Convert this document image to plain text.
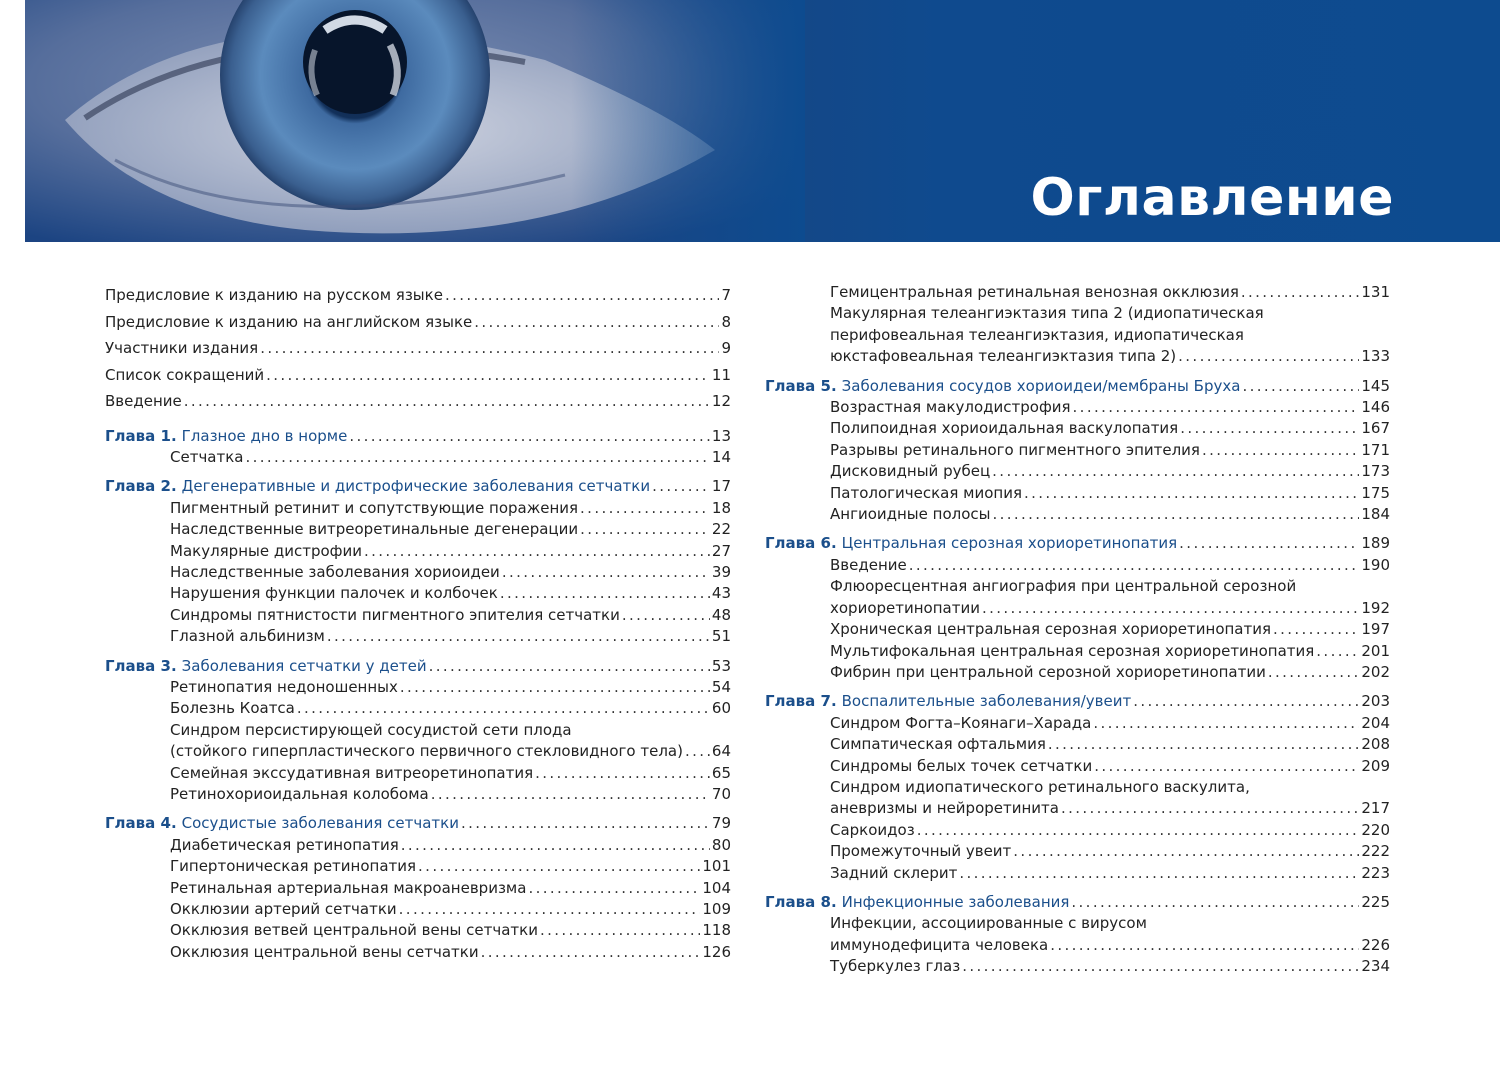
Оглавление
Предисловие к изданию на русском языке . . .	7
Предисловие к изданию на английском языке . . .	8
Участники издания . . .	9
Список сокращений . . .	11
Введение . . .	12
Глава 1. Глазное дно в норме . . .	13
Сетчатка . . .	14
Глава 2. Дегенеративные и дистрофические заболевания сетчатки . . .	17
Пигментный ретинит и сопутствующие поражения . . .	18
Наследственные витреоретинальные дегенерации . . .	22
Макулярные дистрофии . . .	27
Наследственные заболевания хориоидеи . . .	39
Нарушения функции палочек и колбочек . . .	43
Синдромы пятнистости пигментного эпителия сетчатки . . .	48
Глазной альбинизм . . .	51
Глава 3. Заболевания сетчатки у детей . . .	53
Ретинопатия недоношенных . . .	54
Болезнь Коатса . . .	60
Синдром персистирующей сосудистой сети плода
(стойкого гиперпластического первичного стекловидного тела) . . . 64
Семейная экссудативная витреоретинопатия . . .	65
Ретинохориоидальная колобома . . .	70
Глава 4. Сосудистые заболевания сетчатки . . .	79
Диабетическая ретинопатия . . .	80
Гипертоническая ретинопатия . . .	101
Ретинальная артериальная макроаневризма . . .	104
Окклюзии артерий сетчатки . . .	109
Окклюзия ветвей центральной вены сетчатки . . .	118
Окклюзия центральной вены сетчатки . . .	126
Гемицентральная ретинальная венозная окклюзия . . .	131
Макулярная телеангиэктазия типа 2 (идиопатическая
перифовеальная телеангиэктазия, идиопатическая
юкстафовеальная телеангиэктазия типа 2) . . .	133
Глава 5. Заболевания сосудов хориоидеи/мембраны Бруха . . .	145
Возрастная макулодистрофия . . .	146
Полипоидная хориоидальная васкулопатия . . .	167
Разрывы ретинального пигментного эпителия . . .	171
Дисковидный рубец . . .	173
Патологическая миопия . . .	175
Ангиоидные полосы . . .	184
Глава 6. Центральная серозная хориоретинопатия . . .	189
Введение . . .	190
Флюоресцентная ангиография при центральной серозной
хориоретинопатии . . .	192
Хроническая центральная серозная хориоретинопатия . . .	197
Мультифокальная центральная серозная хориоретинопатия . . .	201
Фибрин при центральной серозной хориоретинопатии . . .	202
Глава 7. Воспалительные заболевания/увеит . . .	203
Синдром Фогта–Коянаги–Харада . . .	204
Симпатическая офтальмия . . .	208
Синдромы белых точек сетчатки . . .	209
Синдром идиопатического ретинального васкулита,
аневризмы и нейроретинита . . .	217
Саркоидоз . . .	220
Промежуточный увеит . . .	222
Задний склерит . . .	223
Глава 8. Инфекционные заболевания . . .	225
Инфекции, ассоциированные с вирусом
иммунодефицита человека . . .	226
Туберкулез глаз . . .	234
